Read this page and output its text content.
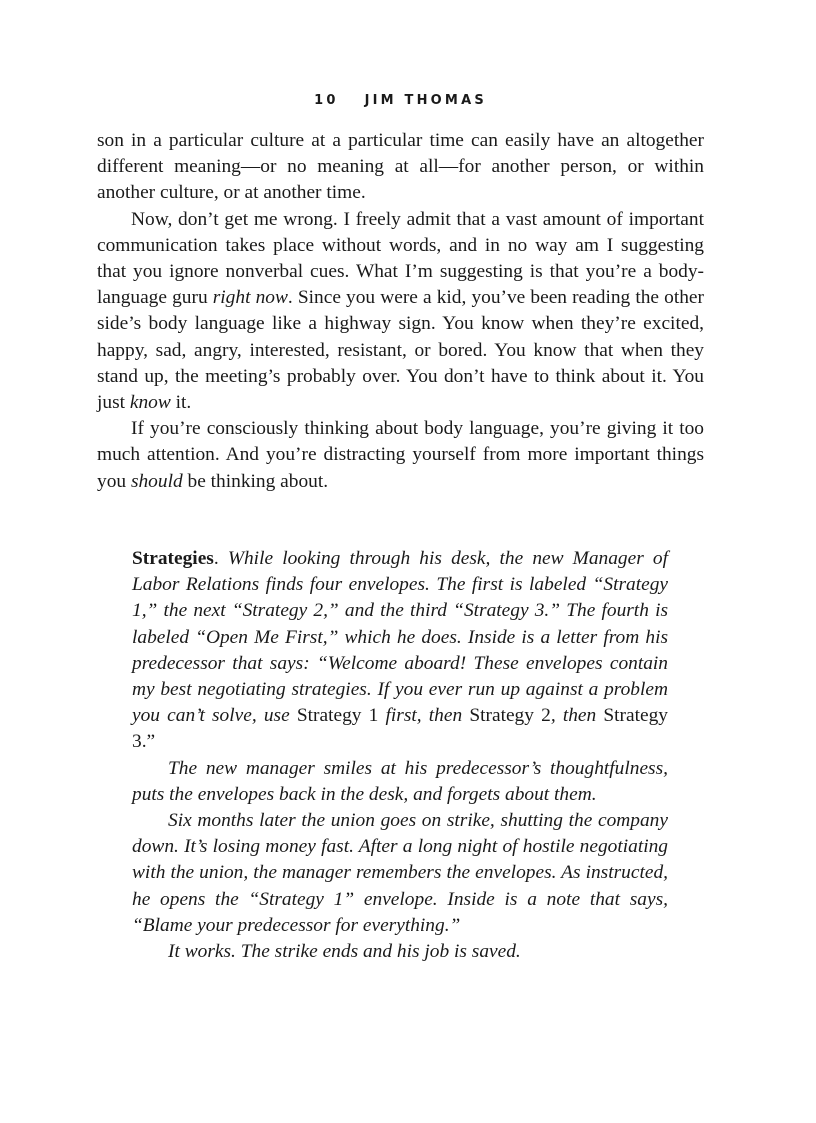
10 JIM THOMAS

son in a particular culture at a particular time can easily have an altogether different meaning—or no meaning at all—for another person, or within another culture, or at another time.

Now, don’t get me wrong. I freely admit that a vast amount of important communication takes place without words, and in no way am I suggesting that you ignore nonverbal cues. What I’m suggesting is that you’re a body-language guru right now. Since you were a kid, you’ve been reading the other side’s body language like a highway sign. You know when they’re excited, happy, sad, angry, interested, resistant, or bored. You know that when they stand up, the meeting’s probably over. You don’t have to think about it. You just know it.

If you’re consciously thinking about body language, you’re giving it too much attention. And you’re distracting yourself from more important things you should be thinking about.

Strategies. While looking through his desk, the new Manager of Labor Relations finds four envelopes. The first is labeled “Strategy 1,” the next “Strategy 2,” and the third “Strategy 3.” The fourth is labeled “Open Me First,” which he does. Inside is a letter from his predecessor that says: “Welcome aboard! These envelopes contain my best negotiating strategies. If you ever run up against a problem you can’t solve, use Strategy 1 first, then Strategy 2, then Strategy 3.”

The new manager smiles at his predecessor’s thoughtfulness, puts the envelopes back in the desk, and forgets about them.

Six months later the union goes on strike, shutting the company down. It’s losing money fast. After a long night of hostile negotiating with the union, the manager remembers the envelopes. As instructed, he opens the “Strategy 1” envelope. Inside is a note that says, “Blame your predecessor for everything.”

It works. The strike ends and his job is saved.
